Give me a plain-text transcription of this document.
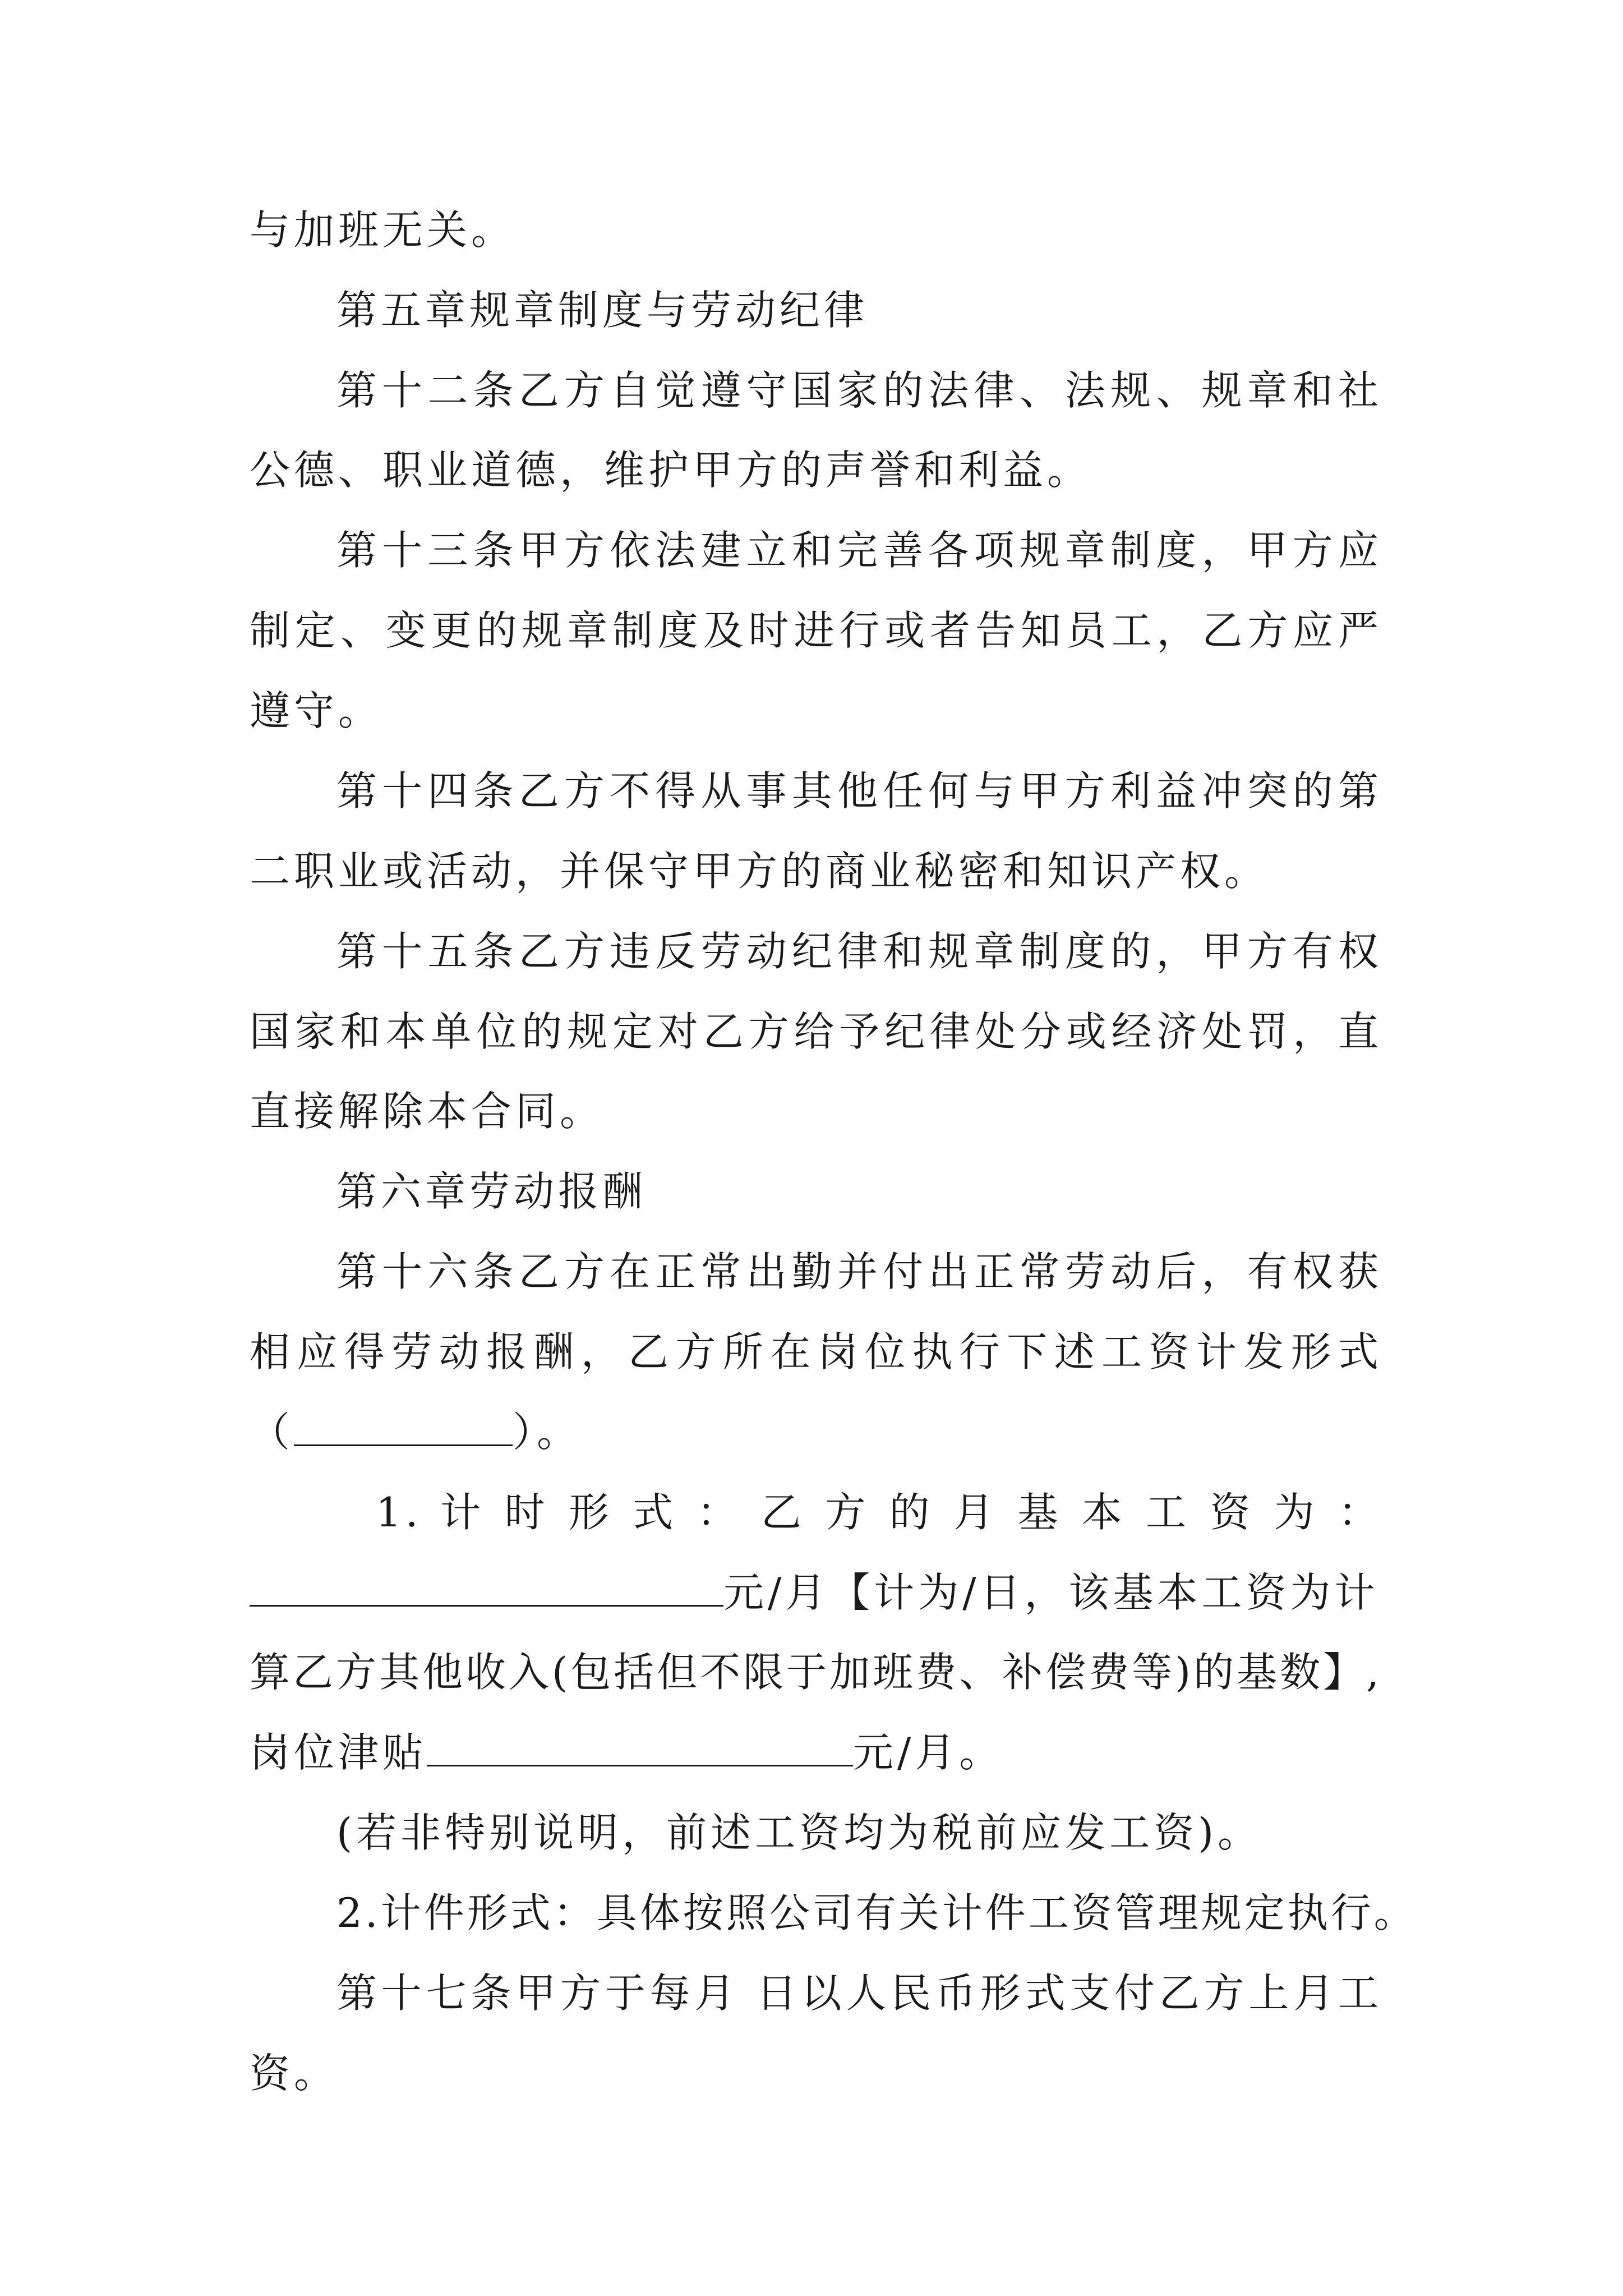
与加班无关。
第五章规章制度与劳动纪律
第十二条乙方自觉遵守国家的法律、法规、规章和社
公德、职业道德，维护甲方的声誉和利益。
第十三条甲方依法建立和完善各项规章制度，甲方应
制定、变更的规章制度及时进行或者告知员工，乙方应严
遵守。
第十四条乙方不得从事其他任何与甲方利益冲突的第
二职业或活动，并保守甲方的商业秘密和知识产权。
第十五条乙方违反劳动纪律和规章制度的，甲方有权
国家和本单位的规定对乙方给予纪律处分或经济处罚，直
直接解除本合同。
第六章劳动报酬
第十六条乙方在正常出勤并付出正常劳动后，有权获
相应得劳动报酬，乙方所在岗位执行下述工资计发形式
（	）。
1. 计 时 形 式 ： 乙 方 的 月 基 本 工 资 为 ：
元/月【计为/日，该基本工资为计
算乙方其他收入(包括但不限于加班费、补偿费等)的基数】,
岗位津贴	元/月。
(若非特别说明，前述工资均为税前应发工资)。
2.计件形式：具体按照公司有关计件工资管理规定执行。
第十七条甲方于每月 日以人民币形式支付乙方上月工
资。
